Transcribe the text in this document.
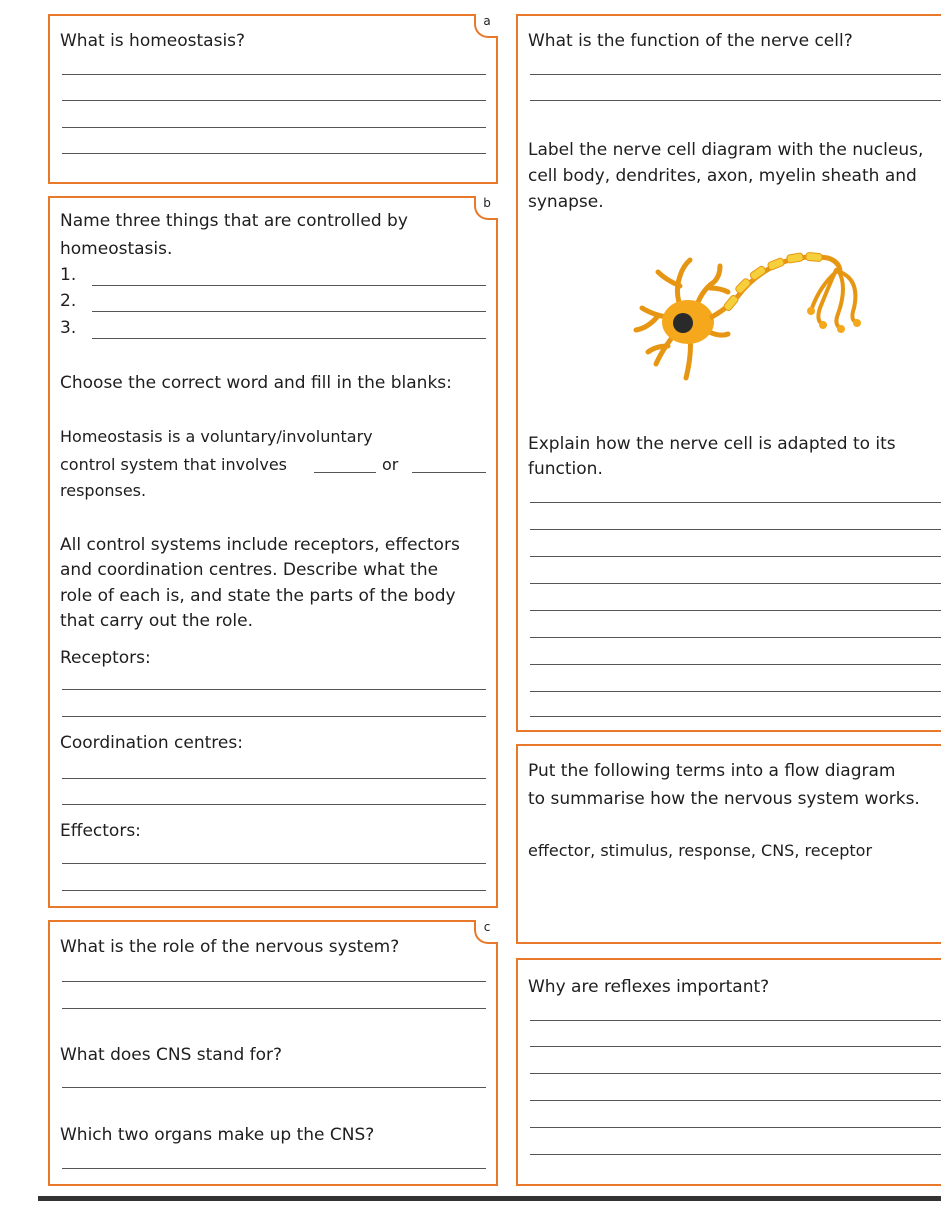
a
What is homeostasis?
b
Name three things that are controlled by
homeostasis.
1.
2.
3.
Choose the correct word and fill in the blanks:
Homeostasis is a voluntary/involuntary
control system that involves	or
responses.
All control systems include receptors, effectors
and coordination centres. Describe what the
role of each is, and state the parts of the body
that carry out the role.
Receptors:
Coordination centres:
Effectors:
c
What is the role of the nervous system?
What does CNS stand for?
Which two organs make up the CNS?
What is the function of the nerve cell?
Label the nerve cell diagram with the nucleus,
cell body, dendrites, axon, myelin sheath and
synapse.
Explain how the nerve cell is adapted to its
function.
Put the following terms into a flow diagram
to summarise how the nervous system works.
effector, stimulus, response, CNS, receptor
Why are reflexes important?
